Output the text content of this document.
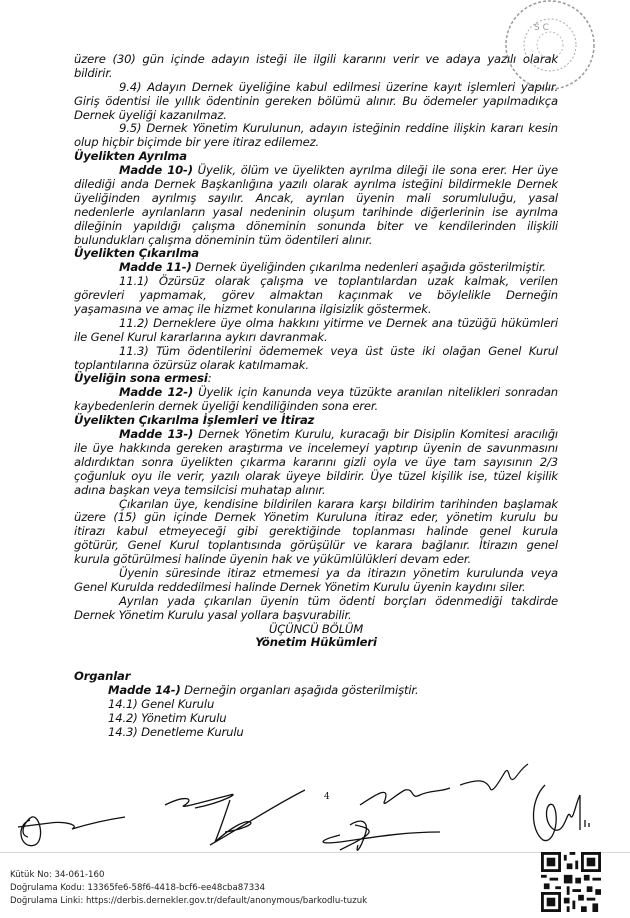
S C
üzere (30) gün içinde adayın isteği ile ilgili kararını verir ve adaya yazılı olarak
bildirir.
9.4) Adayın Dernek üyeliğine kabul edilmesi üzerine kayıt işlemleri yapılır.
Giriş ödentisi ile yıllık ödentinin gereken bölümü alınır. Bu ödemeler yapılmadıkça
Dernek üyeliği kazanılmaz.
9.5) Dernek Yönetim Kurulunun, adayın isteğinin reddine ilişkin kararı kesin
olup hiçbir biçimde bir yere itiraz edilemez.
Üyelikten Ayrılma
Madde 10-) Üyelik, ölüm ve üyelikten ayrılma dileği ile sona erer. Her üye
dilediği anda Dernek Başkanlığına yazılı olarak ayrılma isteğini bildirmekle Dernek
üyeliğinden ayrılmış sayılır. Ancak, ayrılan üyenin mali sorumluluğu, yasal
nedenlerle ayrılanların yasal nedeninin oluşum tarihinde diğerlerinin ise ayrılma
dileğinin yapıldığı çalışma döneminin sonunda biter ve kendilerinden ilişkili
bulundukları çalışma döneminin tüm ödentileri alınır.
Üyelikten Çıkarılma
Madde 11-) Dernek üyeliğinden çıkarılma nedenleri aşağıda gösterilmiştir.
11.1) Özürsüz olarak çalışma ve toplantılardan uzak kalmak, verilen
görevleri yapmamak, görev almaktan kaçınmak ve böylelikle Derneğin
yaşamasına ve amaç ile hizmet konularına ilgisizlik göstermek.
11.2) Derneklere üye olma hakkını yitirme ve Dernek ana tüzüğü hükümleri
ile Genel Kurul kararlarına aykırı davranmak.
11.3) Tüm ödentilerini ödememek veya üst üste iki olağan Genel Kurul
toplantılarına özürsüz olarak katılmamak.
Üyeliğin sona ermesi:
Madde 12-) Üyelik için kanunda veya tüzükte aranılan nitelikleri sonradan
kaybedenlerin dernek üyeliği kendiliğinden sona erer.
Üyelikten Çıkarılma İşlemleri ve İtiraz
Madde 13-) Dernek Yönetim Kurulu, kuracağı bir Disiplin Komitesi aracılığı
ile üye hakkında gereken araştırma ve incelemeyi yaptırıp üyenin de savunmasını
aldırdıktan sonra üyelikten çıkarma kararını gizli oyla ve üye tam sayısının 2/3
çoğunluk oyu ile verir, yazılı olarak üyeye bildirir. Üye tüzel kişilik ise, tüzel kişilik
adına başkan veya temsilcisi muhatap alınır.
Çıkarılan üye, kendisine bildirilen karara karşı bildirim tarihinden başlamak
üzere (15) gün içinde Dernek Yönetim Kuruluna itiraz eder, yönetim kurulu bu
itirazı kabul etmeyeceği gibi gerektiğinde toplanması halinde genel kurula
götürür, Genel Kurul toplantısında görüşülür ve karara bağlanır. İtirazın genel
kurula götürülmesi halinde üyenin hak ve yükümlülükleri devam eder.
Üyenin süresinde itiraz etmemesi ya da itirazın yönetim kurulunda veya
Genel Kurulda reddedilmesi halinde Dernek Yönetim Kurulu üyenin kaydını siler.
Ayrılan yada çıkarılan üyenin tüm ödenti borçları ödenmediği takdirde
Dernek Yönetim Kurulu yasal yollara başvurabilir.
ÜÇÜNCÜ BÖLÜM
Yönetim Hükümleri
Organlar
Madde 14-) Derneğin organları aşağıda gösterilmiştir.
14.1) Genel Kurulu
14.2) Yönetim Kurulu
14.3) Denetleme Kurulu
4
Kütük No: 34-061-160
Doğrulama Kodu: 13365fe6-58f6-4418-bcf6-ee48cba87334
Doğrulama Linki: https://derbis.dernekler.gov.tr/default/anonymous/barkodlu-tuzuk
